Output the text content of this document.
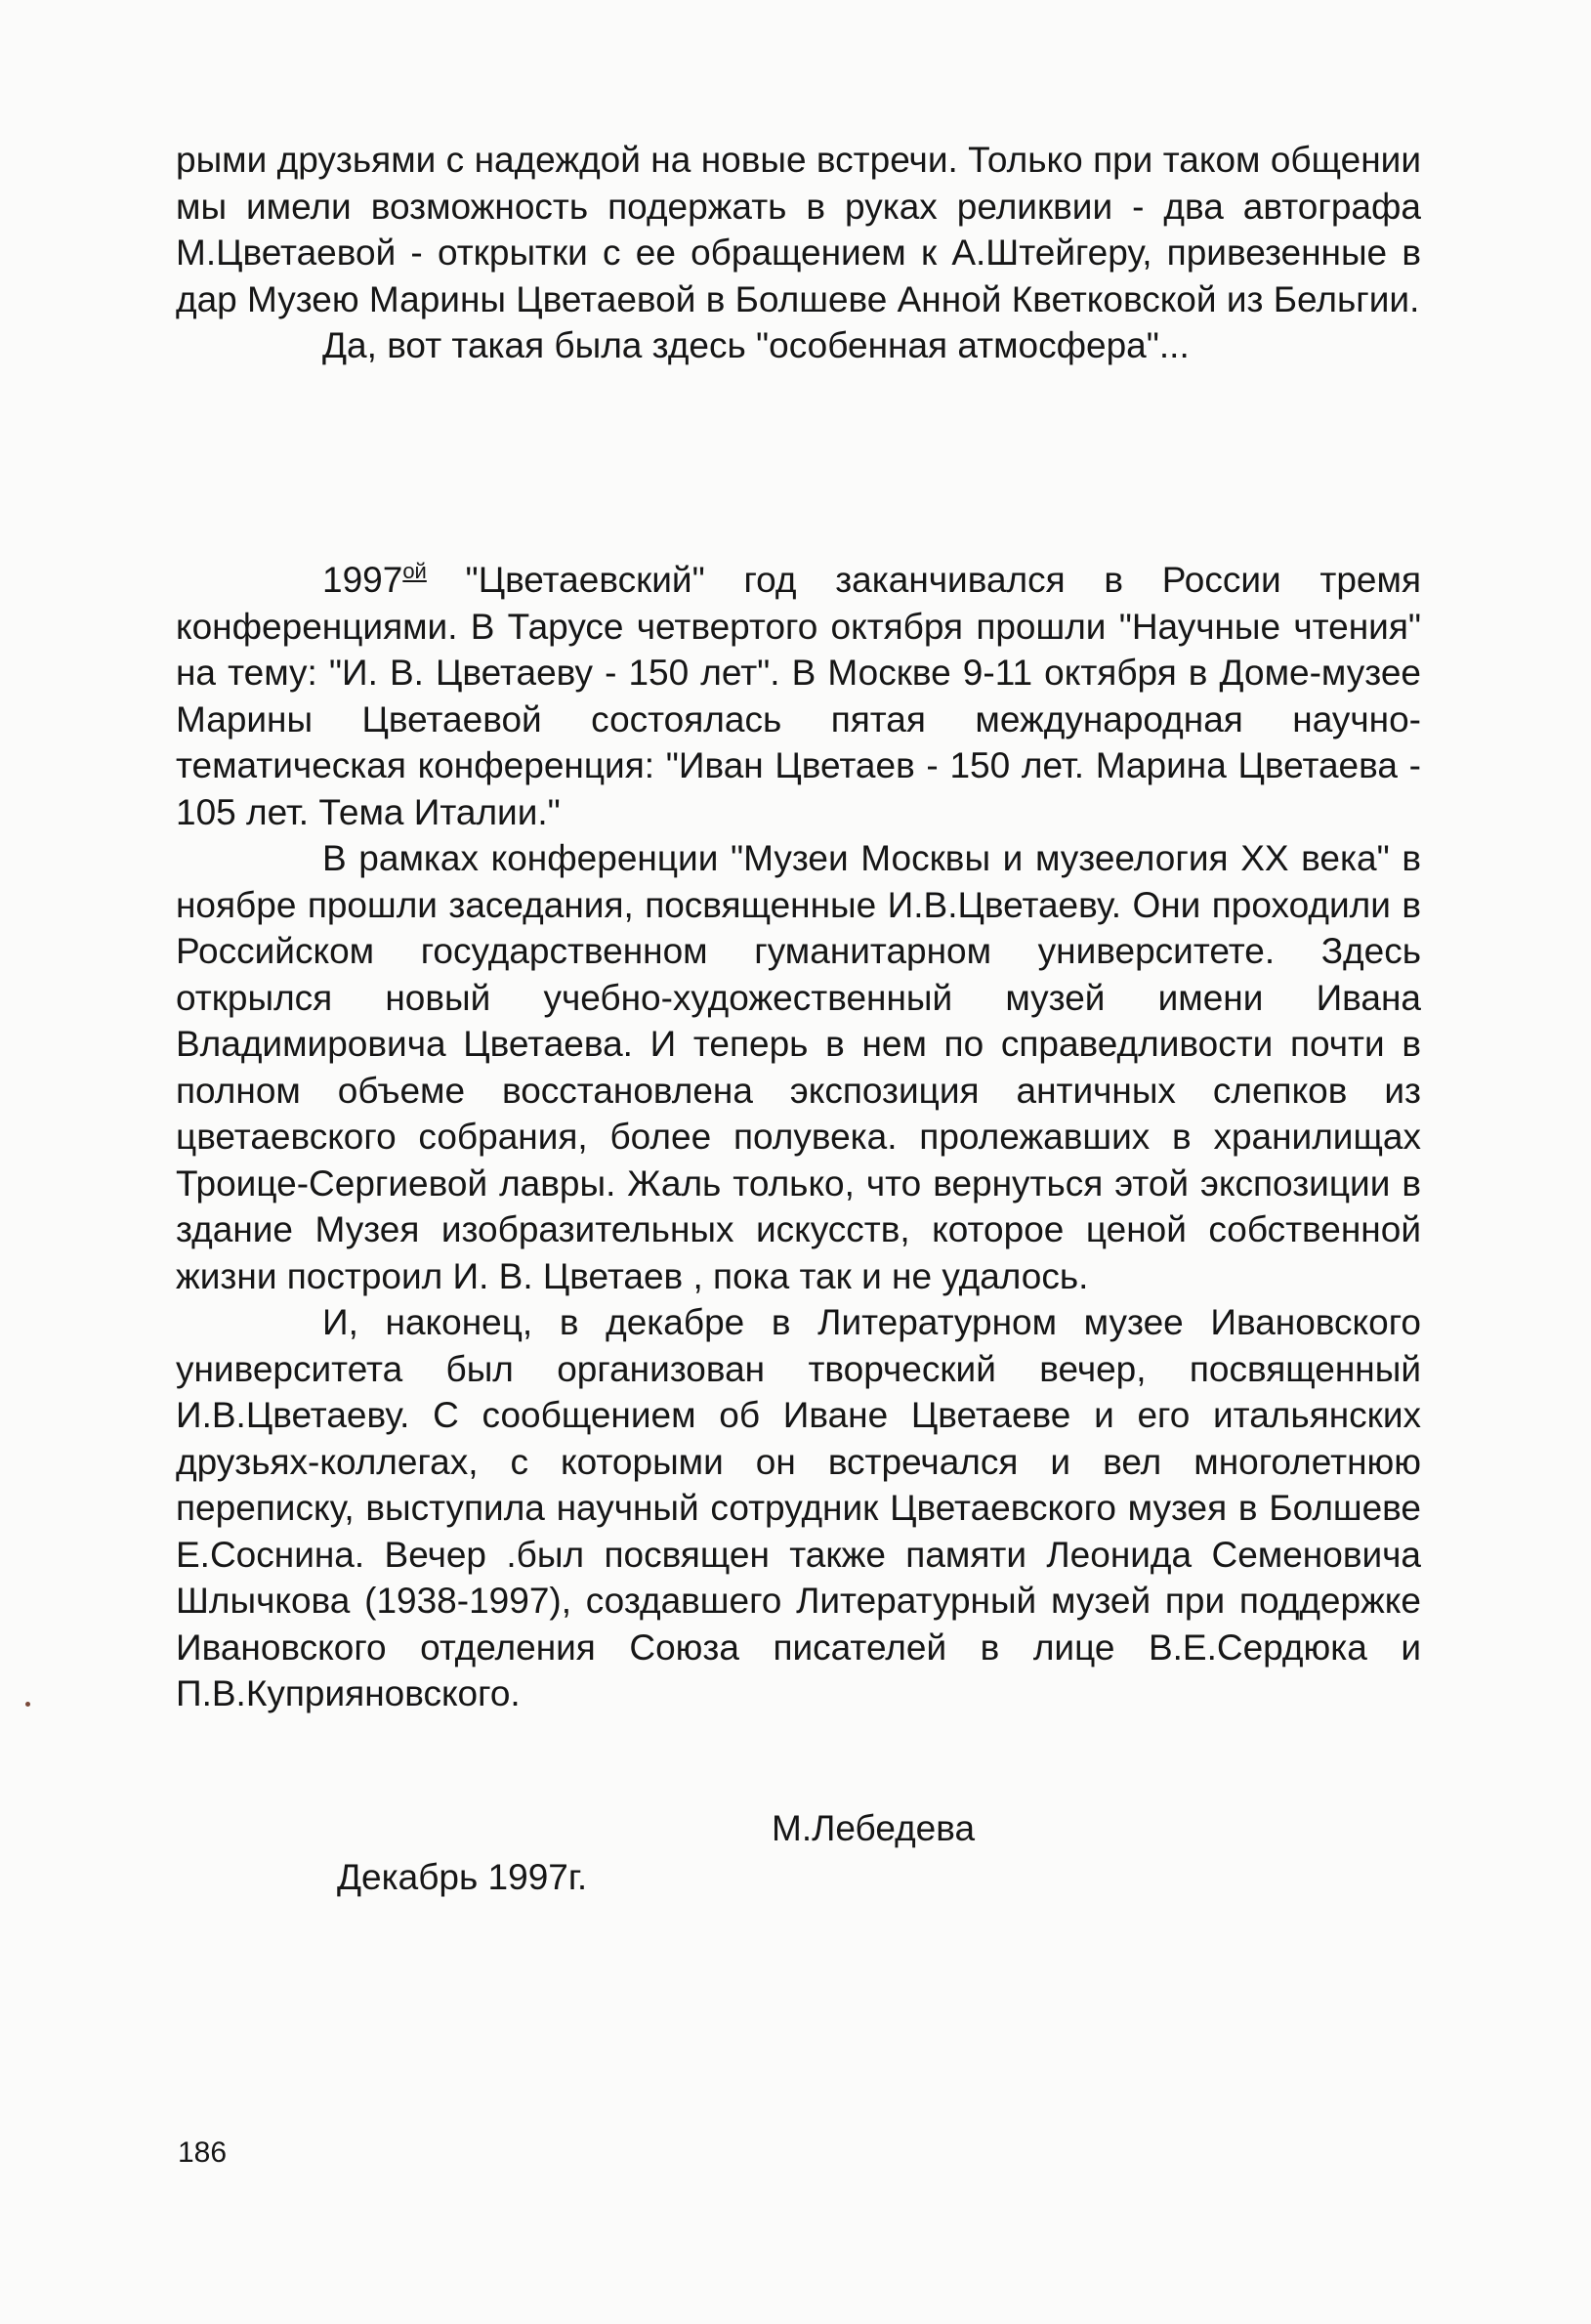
рыми друзьями с надеждой на новые встречи. Только при таком общении мы имели возможность подержать в руках реликвии - два автографа М.Цветаевой - открытки с ее обращением к А.Штейгеру, привезенные в дар Музею Марины Цветаевой в Болшеве Анной Кветковской из Бельгии.

Да, вот такая была здесь "особенная атмосфера"...

$1997^{ой}$ "Цветаевский" год заканчивался в России тремя конференциями. В Тарусе четвертого октября прошли "Научные чтения" на тему: "И. В. Цветаеву - 150 лет". В Москве 9-11 октября в Доме-музее Марины Цветаевой состоялась пятая международная научно-тематическая конференция: "Иван Цветаев - 150 лет. Марина Цветаева - 105 лет. Тема Италии."

В рамках конференции "Музеи Москвы и музеелогия XX века" в ноябре прошли заседания, посвященные И.В.Цветаеву. Они проходили в Российском государственном гуманитарном университете. Здесь открылся новый учебно-художественный музей имени Ивана Владимировича Цветаева. И теперь в нем по справедливости почти в полном объеме восстановлена экспозиция античных слепков из цветаевского собрания, более полувека. пролежавших в хранилищах Троице-Сергиевой лавры. Жаль только, что вернуться этой экспозиции в здание Музея изобразительных искусств, которое ценой собственной жизни построил И. В. Цветаев , пока так и не удалось.

И, наконец, в декабре в Литературном музее Ивановского университета был организован творческий вечер, посвященный И.В.Цветаеву. С сообщением об Иване Цветаеве и его итальянских друзьях-коллегах, с которыми он встречался и вел многолетнюю переписку, выступила научный сотрудник Цветаевского музея в Болшеве Е.Соснина. Вечер .был посвящен также памяти Леонида Семеновича Шлычкова (1938-1997), создавшего Литературный музей при поддержке Ивановского отделения Союза писателей в лице В.Е.Сердюка и П.В.Куприяновского.

М.Лебедева
Декабрь 1997г.
186
